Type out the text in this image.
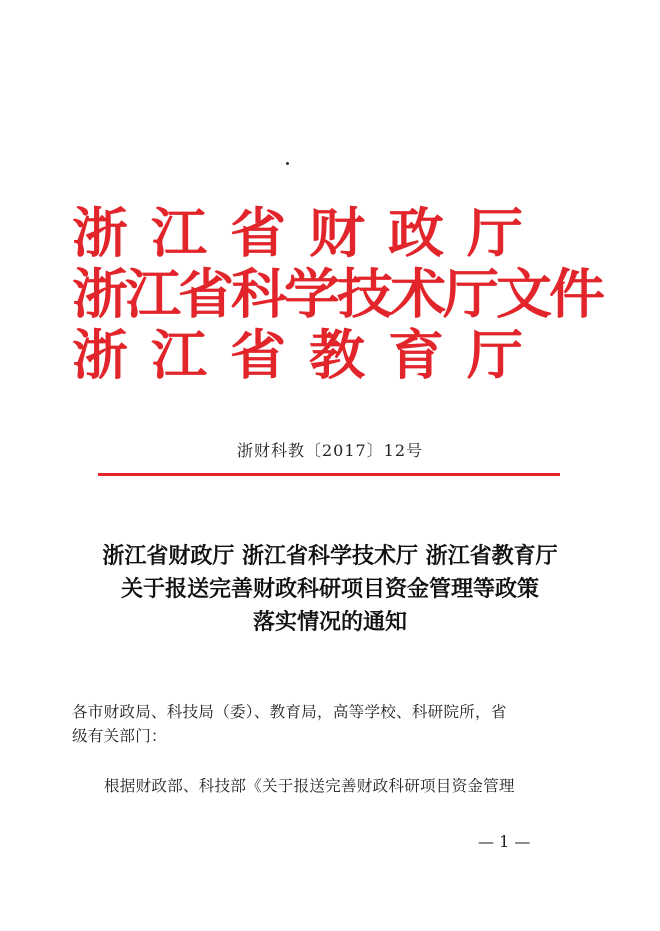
浙江省财政厅
浙江省科学技术厅文件
浙江省教育厅
浙财科教〔2017〕12号
浙江省财政厅 浙江省科学技术厅 浙江省教育厅
关于报送完善财政科研项目资金管理等政策
落实情况的通知
各市财政局、科技局（委）、教育局，高等学校、科研院所，省
级有关部门：
根据财政部、科技部《关于报送完善财政科研项目资金管理
— 1 —
